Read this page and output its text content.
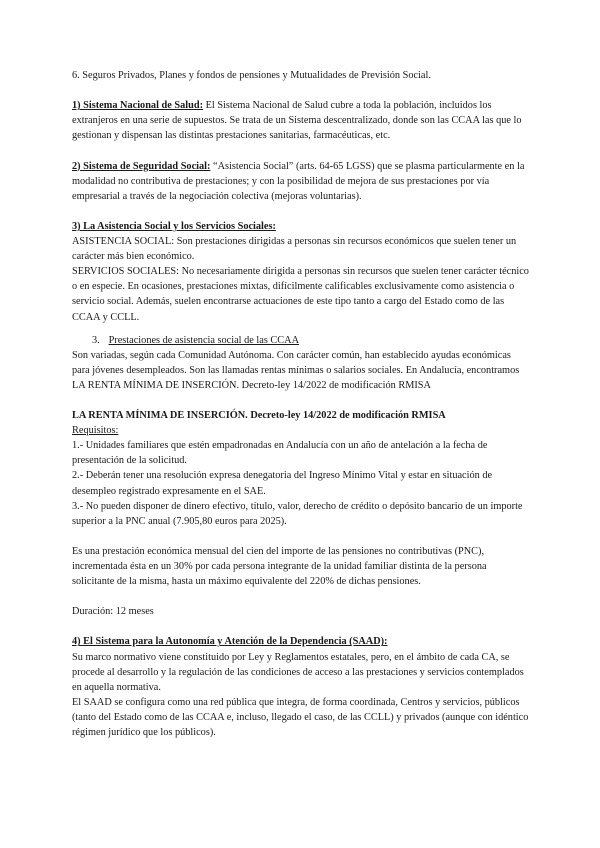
6. Seguros Privados, Planes y fondos de pensiones y Mutualidades de Previsión Social.

1) Sistema Nacional de Salud: El Sistema Nacional de Salud cubre a toda la población, incluidos los extranjeros en una serie de supuestos. Se trata de un Sistema descentralizado, donde son las CCAA las que lo gestionan y dispensan las distintas prestaciones sanitarias, farmacéuticas, etc.

2) Sistema de Seguridad Social: “Asistencia Social” (arts. 64-65 LGSS) que se plasma particularmente en la modalidad no contributiva de prestaciones; y con la posibilidad de mejora de sus prestaciones por vía empresarial a través de la negociación colectiva (mejoras voluntarias).

3) La Asistencia Social y los Servicios Sociales:

ASISTENCIA SOCIAL: Son prestaciones dirigidas a personas sin recursos económicos que suelen tener un carácter más bien económico.

SERVICIOS SOCIALES: No necesariamente dirigida a personas sin recursos que suelen tener carácter técnico o en especie. En ocasiones, prestaciones mixtas, difícilmente calificables exclusivamente como asistencia o servicio social. Además, suelen encontrarse actuaciones de este tipo tanto a cargo del Estado como de las CCAA y CCLL.

3. Prestaciones de asistencia social de las CCAA

Son variadas, según cada Comunidad Autónoma. Con carácter común, han establecido ayudas económicas para jóvenes desempleados. Son las llamadas rentas mínimas o salarios sociales. En Andalucía, encontramos LA RENTA MÍNIMA DE INSERCIÓN. Decreto-ley 14/2022 de modificación RMISA

LA RENTA MÍNIMA DE INSERCIÓN. Decreto-ley 14/2022 de modificación RMISA

Requisitos:

1.- Unidades familiares que estén empadronadas en Andalucía con un año de antelación a la fecha de presentación de la solicitud.

2.- Deberán tener una resolución expresa denegatoria del Ingreso Mínimo Vital y estar en situación de desempleo registrado expresamente en el SAE.

3.- No pueden disponer de dinero efectivo, título, valor, derecho de crédito o depósito bancario de un importe superior a la PNC anual (7.905,80 euros para 2025).

Es una prestación económica mensual del cien del importe de las pensiones no contributivas (PNC), incrementada ésta en un 30% por cada persona integrante de la unidad familiar distinta de la persona solicitante de la misma, hasta un máximo equivalente del 220% de dichas pensiones.

Duración: 12 meses

4) El Sistema para la Autonomía y Atención de la Dependencia (SAAD):

Su marco normativo viene constituido por Ley y Reglamentos estatales, pero, en el ámbito de cada CA, se procede al desarrollo y la regulación de las condiciones de acceso a las prestaciones y servicios contemplados en aquella normativa.

El SAAD se configura como una red pública que integra, de forma coordinada, Centros y servicios, públicos (tanto del Estado como de las CCAA e, incluso, llegado el caso, de las CCLL) y privados (aunque con idéntico régimen jurídico que los públicos).
